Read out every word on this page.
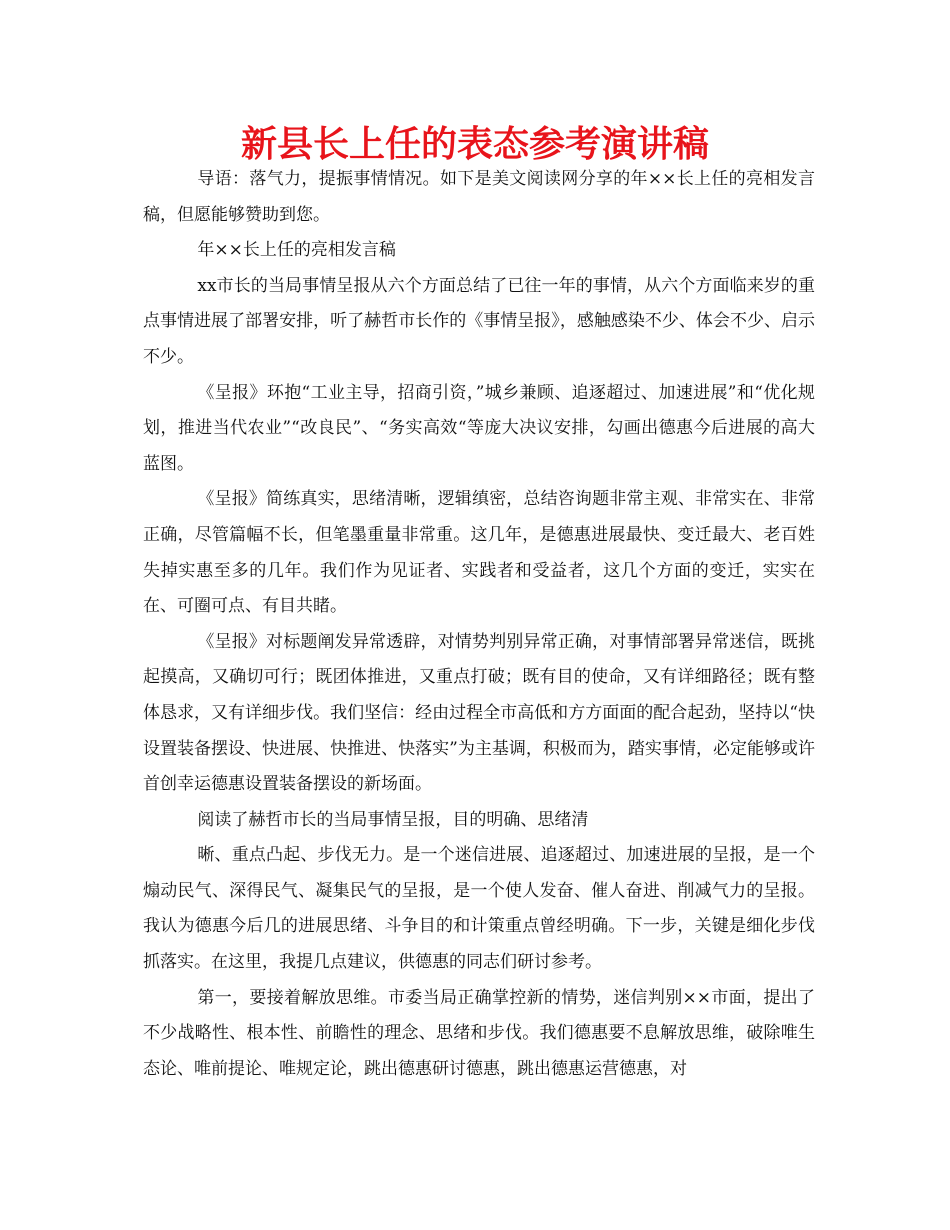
新县长上任的表态参考演讲稿

导语：落气力，提振事情情况。如下是美文阅读网分享的年××长上任的亮相发言稿，但愿能够赞助到您。

年××长上任的亮相发言稿

xx市长的当局事情呈报从六个方面总结了已往一年的事情，从六个方面临来岁的重点事情进展了部署安排，听了赫哲市长作的《事情呈报》，感触感染不少、体会不少、启示不少。

《呈报》环抱“工业主导，招商引资，”城乡兼顾、追逐超过、加速进展”和“优化规划，推进当代农业”“改良民”、“务实高效“等庞大决议安排，勾画出德惠今后进展的高大蓝图。

《呈报》简练真实，思绪清晰，逻辑缜密，总结咨询题非常主观、非常实在、非常正确，尽管篇幅不长，但笔墨重量非常重。这几年，是德惠进展最快、变迁最大、老百姓失掉实惠至多的几年。我们作为见证者、实践者和受益者，这几个方面的变迁，实实在在、可圈可点、有目共睹。

《呈报》对标题阐发异常透辟，对情势判别异常正确，对事情部署异常迷信，既挑起摸高，又确切可行；既团体推进，又重点打破；既有目的使命，又有详细路径；既有整体恳求，又有详细步伐。我们坚信：经由过程全市高低和方方面面的配合起劲，坚持以“快设置装备摆设、快进展、快推进、快落实”为主基调，积极而为，踏实事情，必定能够或许首创幸运德惠设置装备摆设的新场面。

阅读了赫哲市长的当局事情呈报，目的明确、思绪清

晰、重点凸起、步伐无力。是一个迷信进展、追逐超过、加速进展的呈报，是一个煽动民气、深得民气、凝集民气的呈报，是一个使人发奋、催人奋进、削减气力的呈报。我认为德惠今后几的进展思绪、斗争目的和计策重点曾经明确。下一步，关键是细化步伐抓落实。在这里，我提几点建议，供德惠的同志们研讨参考。

第一，要接着解放思维。市委当局正确掌控新的情势，迷信判别××市面，提出了不少战略性、根本性、前瞻性的理念、思绪和步伐。我们德惠要不息解放思维，破除唯生态论、唯前提论、唯规定论，跳出德惠研讨德惠，跳出德惠运营德惠，对
